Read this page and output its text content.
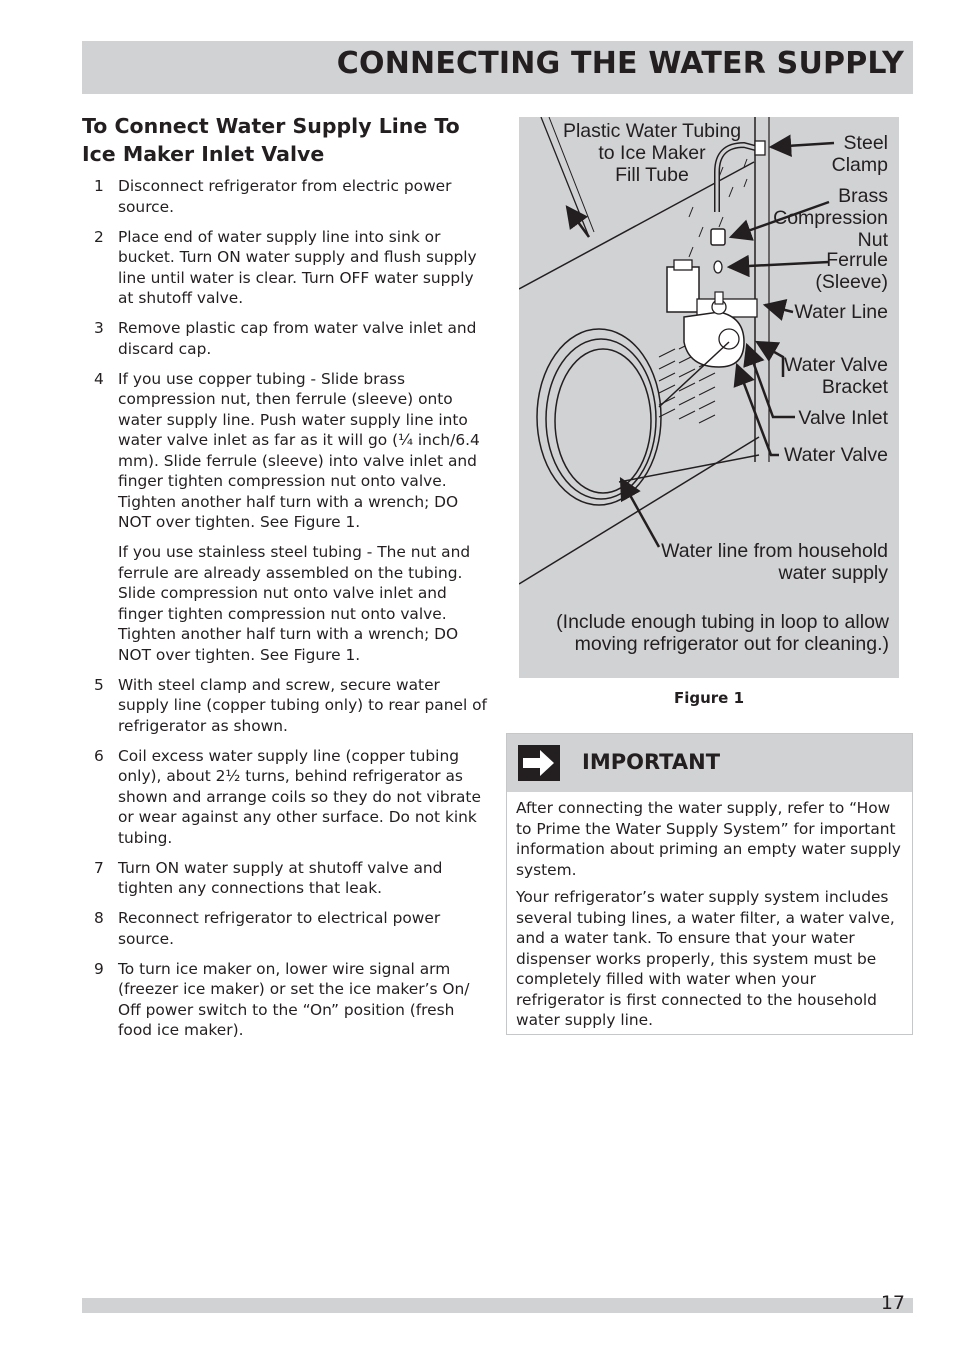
CONNECTING THE WATER SUPPLY
To Connect Water Supply Line To
Ice Maker Inlet Valve
1 Disconnect refrigerator from electric power source.

2 Place end of water supply line into sink or bucket. Turn ON water supply and flush supply line until water is clear. Turn OFF water supply at shutoff valve.

3 Remove plastic cap from water valve inlet and discard cap.

4 If you use copper tubing - Slide brass compression nut, then ferrule (sleeve) onto water supply line. Push water supply line into water valve inlet as far as it will go (¼ inch/6.4 mm). Slide ferrule (sleeve) into valve inlet and finger tighten compression nut onto valve. Tighten another half turn with a wrench; DO NOT over tighten. See Figure 1.

If you use stainless steel tubing - The nut and ferrule are already assembled on the tubing. Slide compression nut onto valve inlet and finger tighten compression nut onto valve. Tighten another half turn with a wrench; DO NOT over tighten. See Figure 1.

5 With steel clamp and screw, secure water supply line (copper tubing only) to rear panel of refrigerator as shown.

6 Coil excess water supply line (copper tubing only), about 2½ turns, behind refrigerator as shown and arrange coils so they do not vibrate or wear against any other surface. Do not kink tubing.

7 Turn ON water supply at shutoff valve and tighten any connections that leak.

8 Reconnect refrigerator to electrical power source.

9 To turn ice maker on, lower wire signal arm (freezer ice maker) or set the ice maker’s On/ Off power switch to the “On” position (fresh food ice maker).

Plastic Water Tubing
to Ice Maker
Fill Tube
Steel
Clamp
Brass
Compression
Nut
Ferrule
(Sleeve)
Water Line
Water Valve
Bracket
Valve Inlet
Water Valve
Water line from household
water supply
(Include enough tubing in loop to allow
moving refrigerator out for cleaning.)
Figure 1
IMPORTANT

After connecting the water supply, refer to “How to Prime the Water Supply System” for important information about priming an empty water supply system.

Your refrigerator’s water supply system includes several tubing lines, a water filter, a water valve, and a water tank. To ensure that your water dispenser works properly, this system must be completely filled with water when your refrigerator is first connected to the household water supply line.

17
